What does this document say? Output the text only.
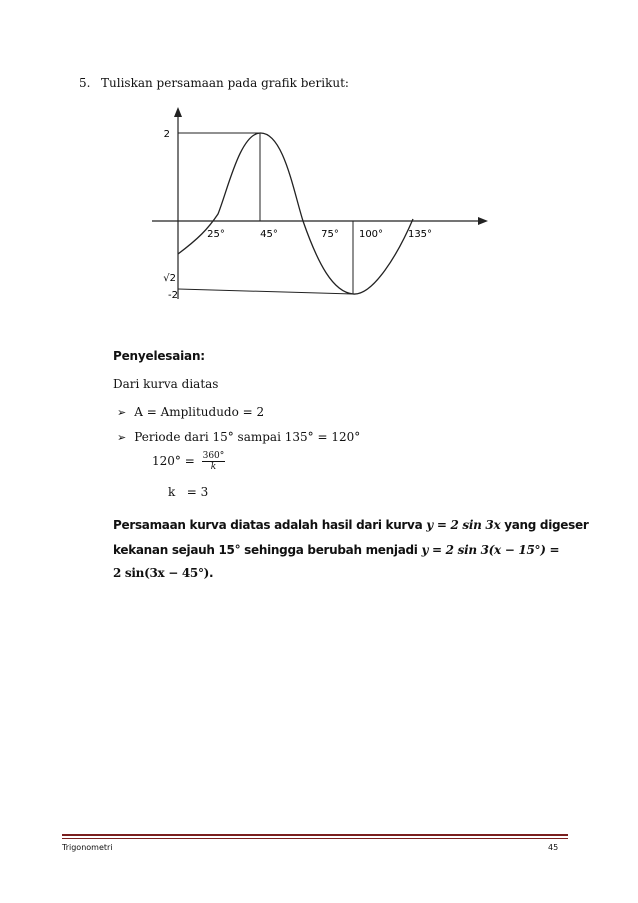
5. Tuliskan persamaan pada grafik berikut:
2
√2
-2
25°	45°	75° 100° 135°
Penyelesaian:
Dari kurva diatas
➢ A = Amplitududo = 2
➢ Periode dari 15° sampai 135° = 120°
$120^\circ = \frac{360^\circ}{k}$
k   = 3
Persamaan kurva diatas adalah hasil dari kurva y = 2 sin 3x yang digeser
kekanan sejauh 15° sehingga berubah menjadi y = 2 sin 3(x − 15°) =
2 sin(3x − 45°).
Trigonometri	45
